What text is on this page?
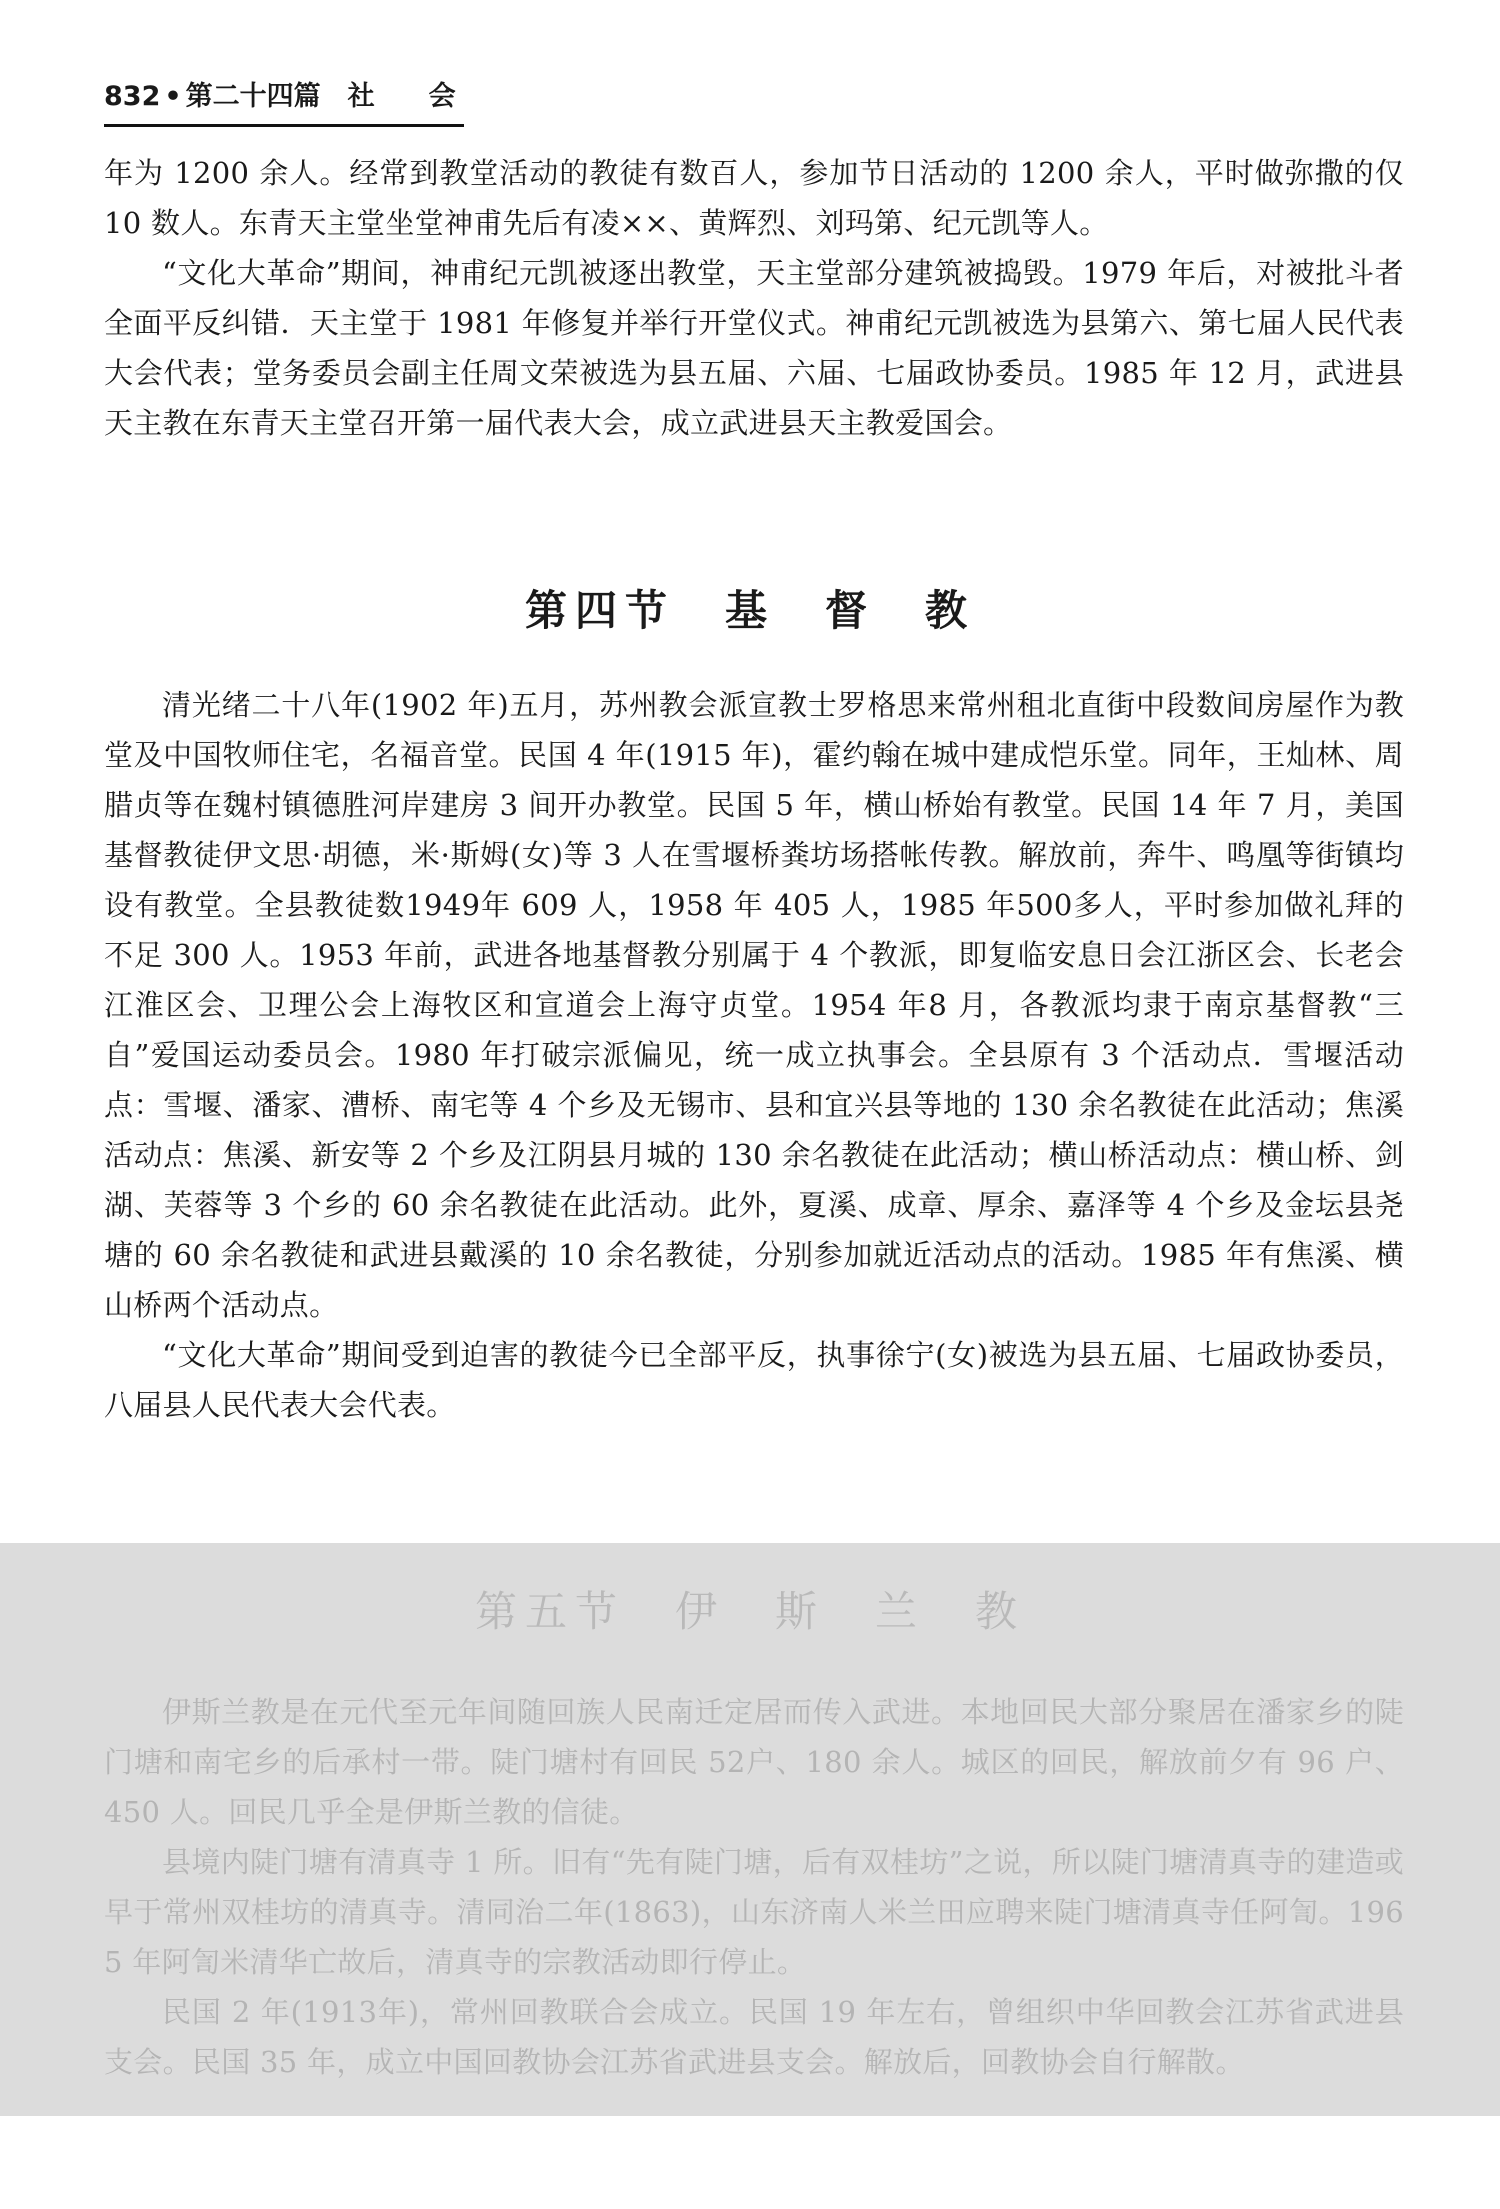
832 • 第二十四篇　社　　会

年为 1200 余人。经常到教堂活动的教徒有数百人，参加节日活动的 1200 余人，平时做弥撒的仅 10 数人。东青天主堂坐堂神甫先后有凌××、黄辉烈、刘玛第、纪元凯等人。

“文化大革命”期间，神甫纪元凯被逐出教堂，天主堂部分建筑被捣毁。1979 年后，对被批斗者全面平反纠错．天主堂于 1981 年修复并举行开堂仪式。神甫纪元凯被选为县第六、第七届人民代表大会代表；堂务委员会副主任周文荣被选为县五届、六届、七届政协委员。1985 年 12 月，武进县天主教在东青天主堂召开第一届代表大会，成立武进县天主教爱国会。

第四节　基　督　教

清光绪二十八年(1902 年)五月，苏州教会派宣教士罗格思来常州租北直街中段数间房屋作为教堂及中国牧师住宅，名福音堂。民国 4 年(1915 年)，霍约翰在城中建成恺乐堂。同年，王灿林、周腊贞等在魏村镇德胜河岸建房 3 间开办教堂。民国 5 年，横山桥始有教堂。民国 14 年 7 月，美国基督教徒伊文思·胡德，米·斯姆(女)等 3 人在雪堰桥粪坊场搭帐传教。解放前，奔牛、鸣凰等街镇均设有教堂。全县教徒数1949年 609 人，1958 年 405 人，1985 年500多人，平时参加做礼拜的不足 300 人。1953 年前，武进各地基督教分别属于 4 个教派，即复临安息日会江浙区会、长老会江淮区会、卫理公会上海牧区和宣道会上海守贞堂。1954 年8 月，各教派均隶于南京基督教“三自”爱国运动委员会。1980 年打破宗派偏见，统一成立执事会。全县原有 3 个活动点．雪堰活动点：雪堰、潘家、漕桥、南宅等 4 个乡及无锡市、县和宜兴县等地的 130 余名教徒在此活动；焦溪活动点：焦溪、新安等 2 个乡及江阴县月城的 130 余名教徒在此活动；横山桥活动点：横山桥、剑湖、芙蓉等 3 个乡的 60 余名教徒在此活动。此外，夏溪、成章、厚余、嘉泽等 4 个乡及金坛县尧塘的 60 余名教徒和武进县戴溪的 10 余名教徒，分别参加就近活动点的活动。1985 年有焦溪、横山桥两个活动点。

“文化大革命”期间受到迫害的教徒今已全部平反，执事徐宁(女)被选为县五届、七届政协委员，八届县人民代表大会代表。

第五节　伊　斯　兰　教

伊斯兰教是在元代至元年间随回族人民南迁定居而传入武进。本地回民大部分聚居在潘家乡的陡门塘和南宅乡的后承村一带。陡门塘村有回民 52户、180 余人。城区的回民，解放前夕有 96 户、450 人。回民几乎全是伊斯兰教的信徒。

县境内陡门塘有清真寺 1 所。旧有“先有陡门塘，后有双桂坊”之说，所以陡门塘清真寺的建造或早于常州双桂坊的清真寺。清同治二年(1863)，山东济南人米兰田应聘来陡门塘清真寺任阿訇。1965 年阿訇米清华亡故后，清真寺的宗教活动即行停止。

民国 2 年(1913年)，常州回教联合会成立。民国 19 年左右，曾组织中华回教会江苏省武进县支会。民国 35 年，成立中国回教协会江苏省武进县支会。解放后，回教协会自行解散。
